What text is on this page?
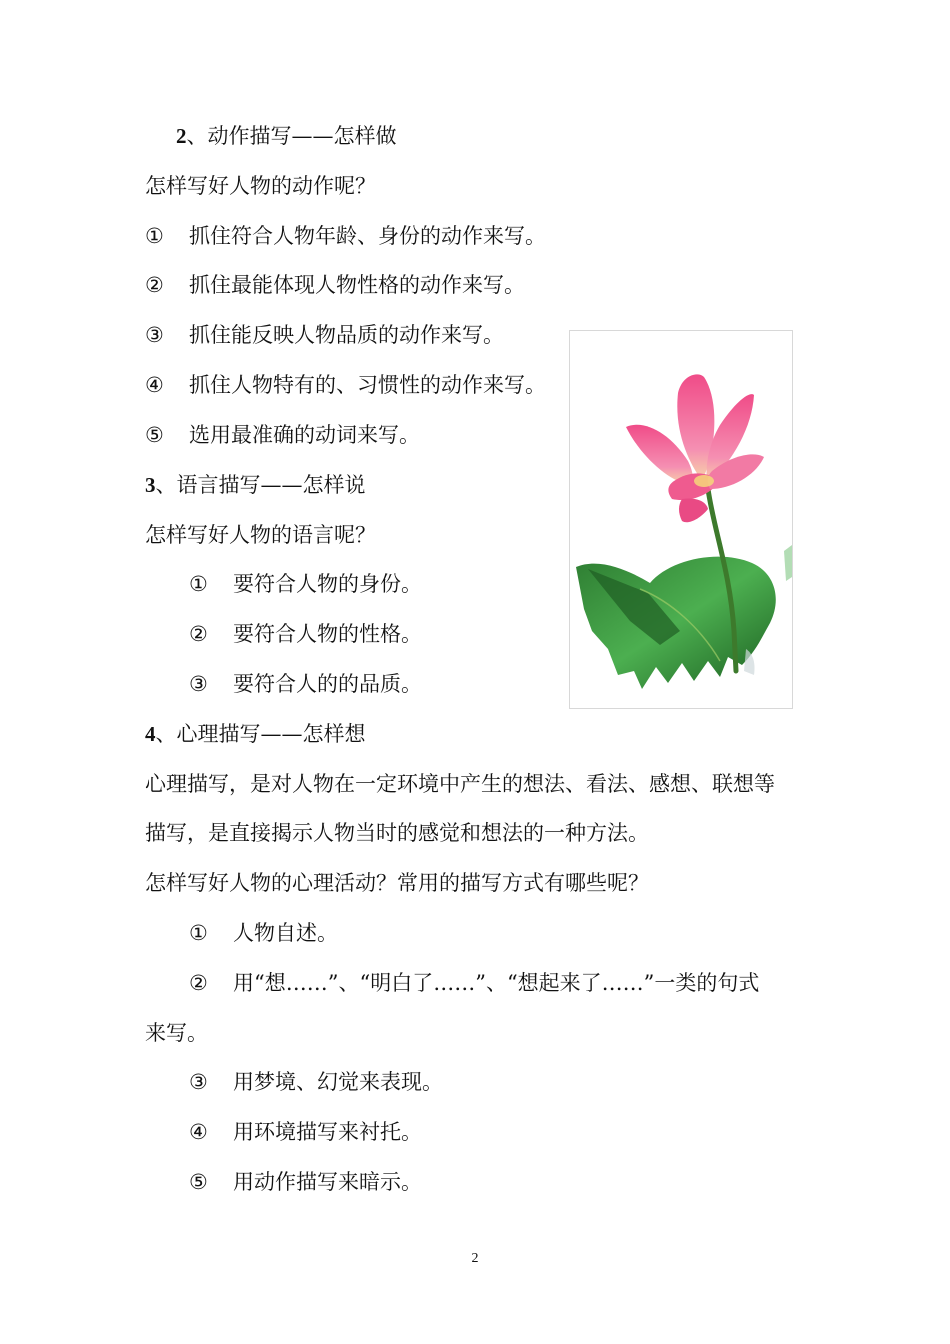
2、动作描写——怎样做
怎样写好人物的动作呢？
① 抓住符合人物年龄、身份的动作来写。
② 抓住最能体现人物性格的动作来写。
③ 抓住能反映人物品质的动作来写。
④ 抓住人物特有的、习惯性的动作来写。
⑤ 选用最准确的动词来写。
3、语言描写——怎样说
怎样写好人物的语言呢？
① 要符合人物的身份。
② 要符合人物的性格。
③ 要符合人的的品质。
4、心理描写——怎样想
心理描写，是对人物在一定环境中产生的想法、看法、感想、联想等
描写，是直接揭示人物当时的感觉和想法的一种方法。
怎样写好人物的心理活动？常用的描写方式有哪些呢？
① 人物自述。
② 用“想……”、“明白了……”、“想起来了……”一类的句式
来写。
③ 用梦境、幻觉来表现。
④ 用环境描写来衬托。
⑤ 用动作描写来暗示。
2
